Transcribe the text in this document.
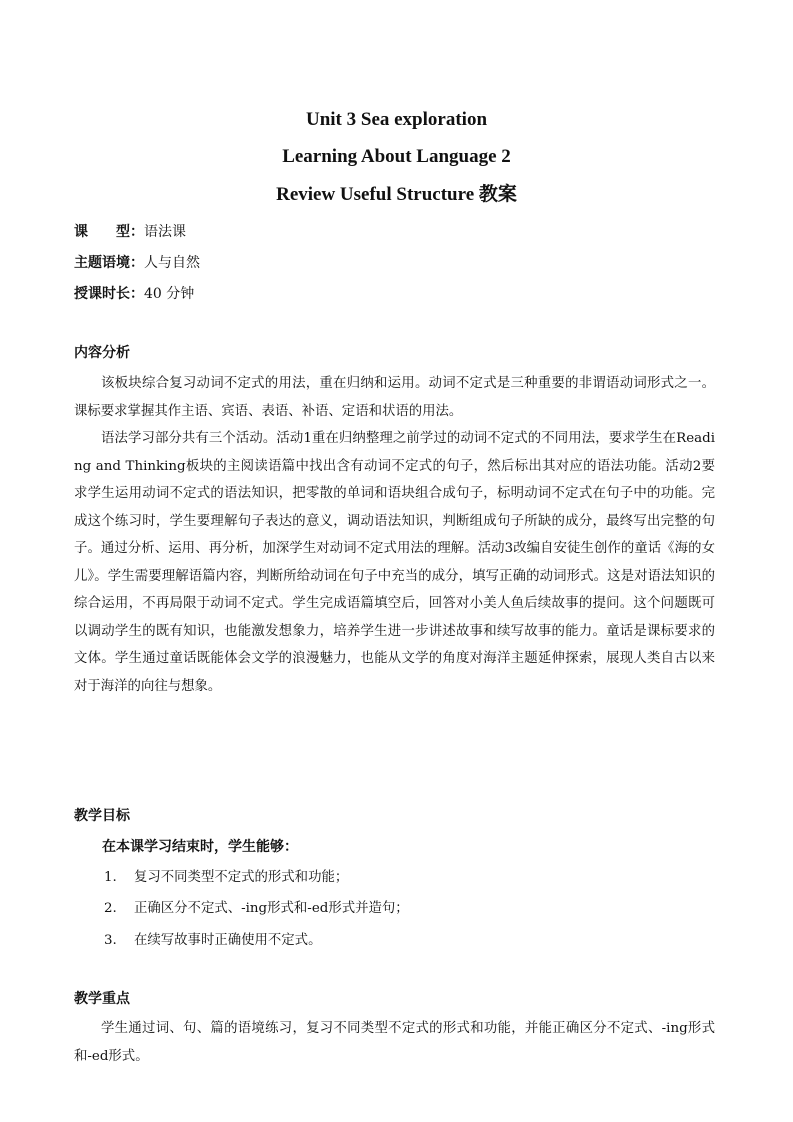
Unit 3 Sea exploration
Learning About Language 2
Review Useful Structure 教案
课　　型：语法课
主题语境：人与自然
授课时长：40 分钟
内容分析

该板块综合复习动词不定式的用法，重在归纳和运用。动词不定式是三种重要的非谓语动词形式之一。课标要求掌握其作主语、宾语、表语、补语、定语和状语的用法。

语法学习部分共有三个活动。活动1重在归纳整理之前学过的动词不定式的不同用法，要求学生在Reading and Thinking板块的主阅读语篇中找出含有动词不定式的句子，然后标出其对应的语法功能。活动2要求学生运用动词不定式的语法知识，把零散的单词和语块组合成句子，标明动词不定式在句子中的功能。完成这个练习时，学生要理解句子表达的意义，调动语法知识，判断组成句子所缺的成分，最终写出完整的句子。通过分析、运用、再分析，加深学生对动词不定式用法的理解。活动3改编自安徒生创作的童话《海的女儿》。学生需要理解语篇内容，判断所给动词在句子中充当的成分，填写正确的动词形式。这是对语法知识的综合运用，不再局限于动词不定式。学生完成语篇填空后，回答对小美人鱼后续故事的提问。这个问题既可以调动学生的既有知识，也能激发想象力，培养学生进一步讲述故事和续写故事的能力。童话是课标要求的文体。学生通过童话既能体会文学的浪漫魅力，也能从文学的角度对海洋主题延伸探索，展现人类自古以来对于海洋的向往与想象。

教学目标

在本课学习结束时，学生能够：

1. 复习不同类型不定式的形式和功能；
2. 正确区分不定式、-ing形式和-ed形式并造句；
3. 在续写故事时正确使用不定式。
教学重点

学生通过词、句、篇的语境练习，复习不同类型不定式的形式和功能，并能正确区分不定式、-ing形式和-ed形式。
